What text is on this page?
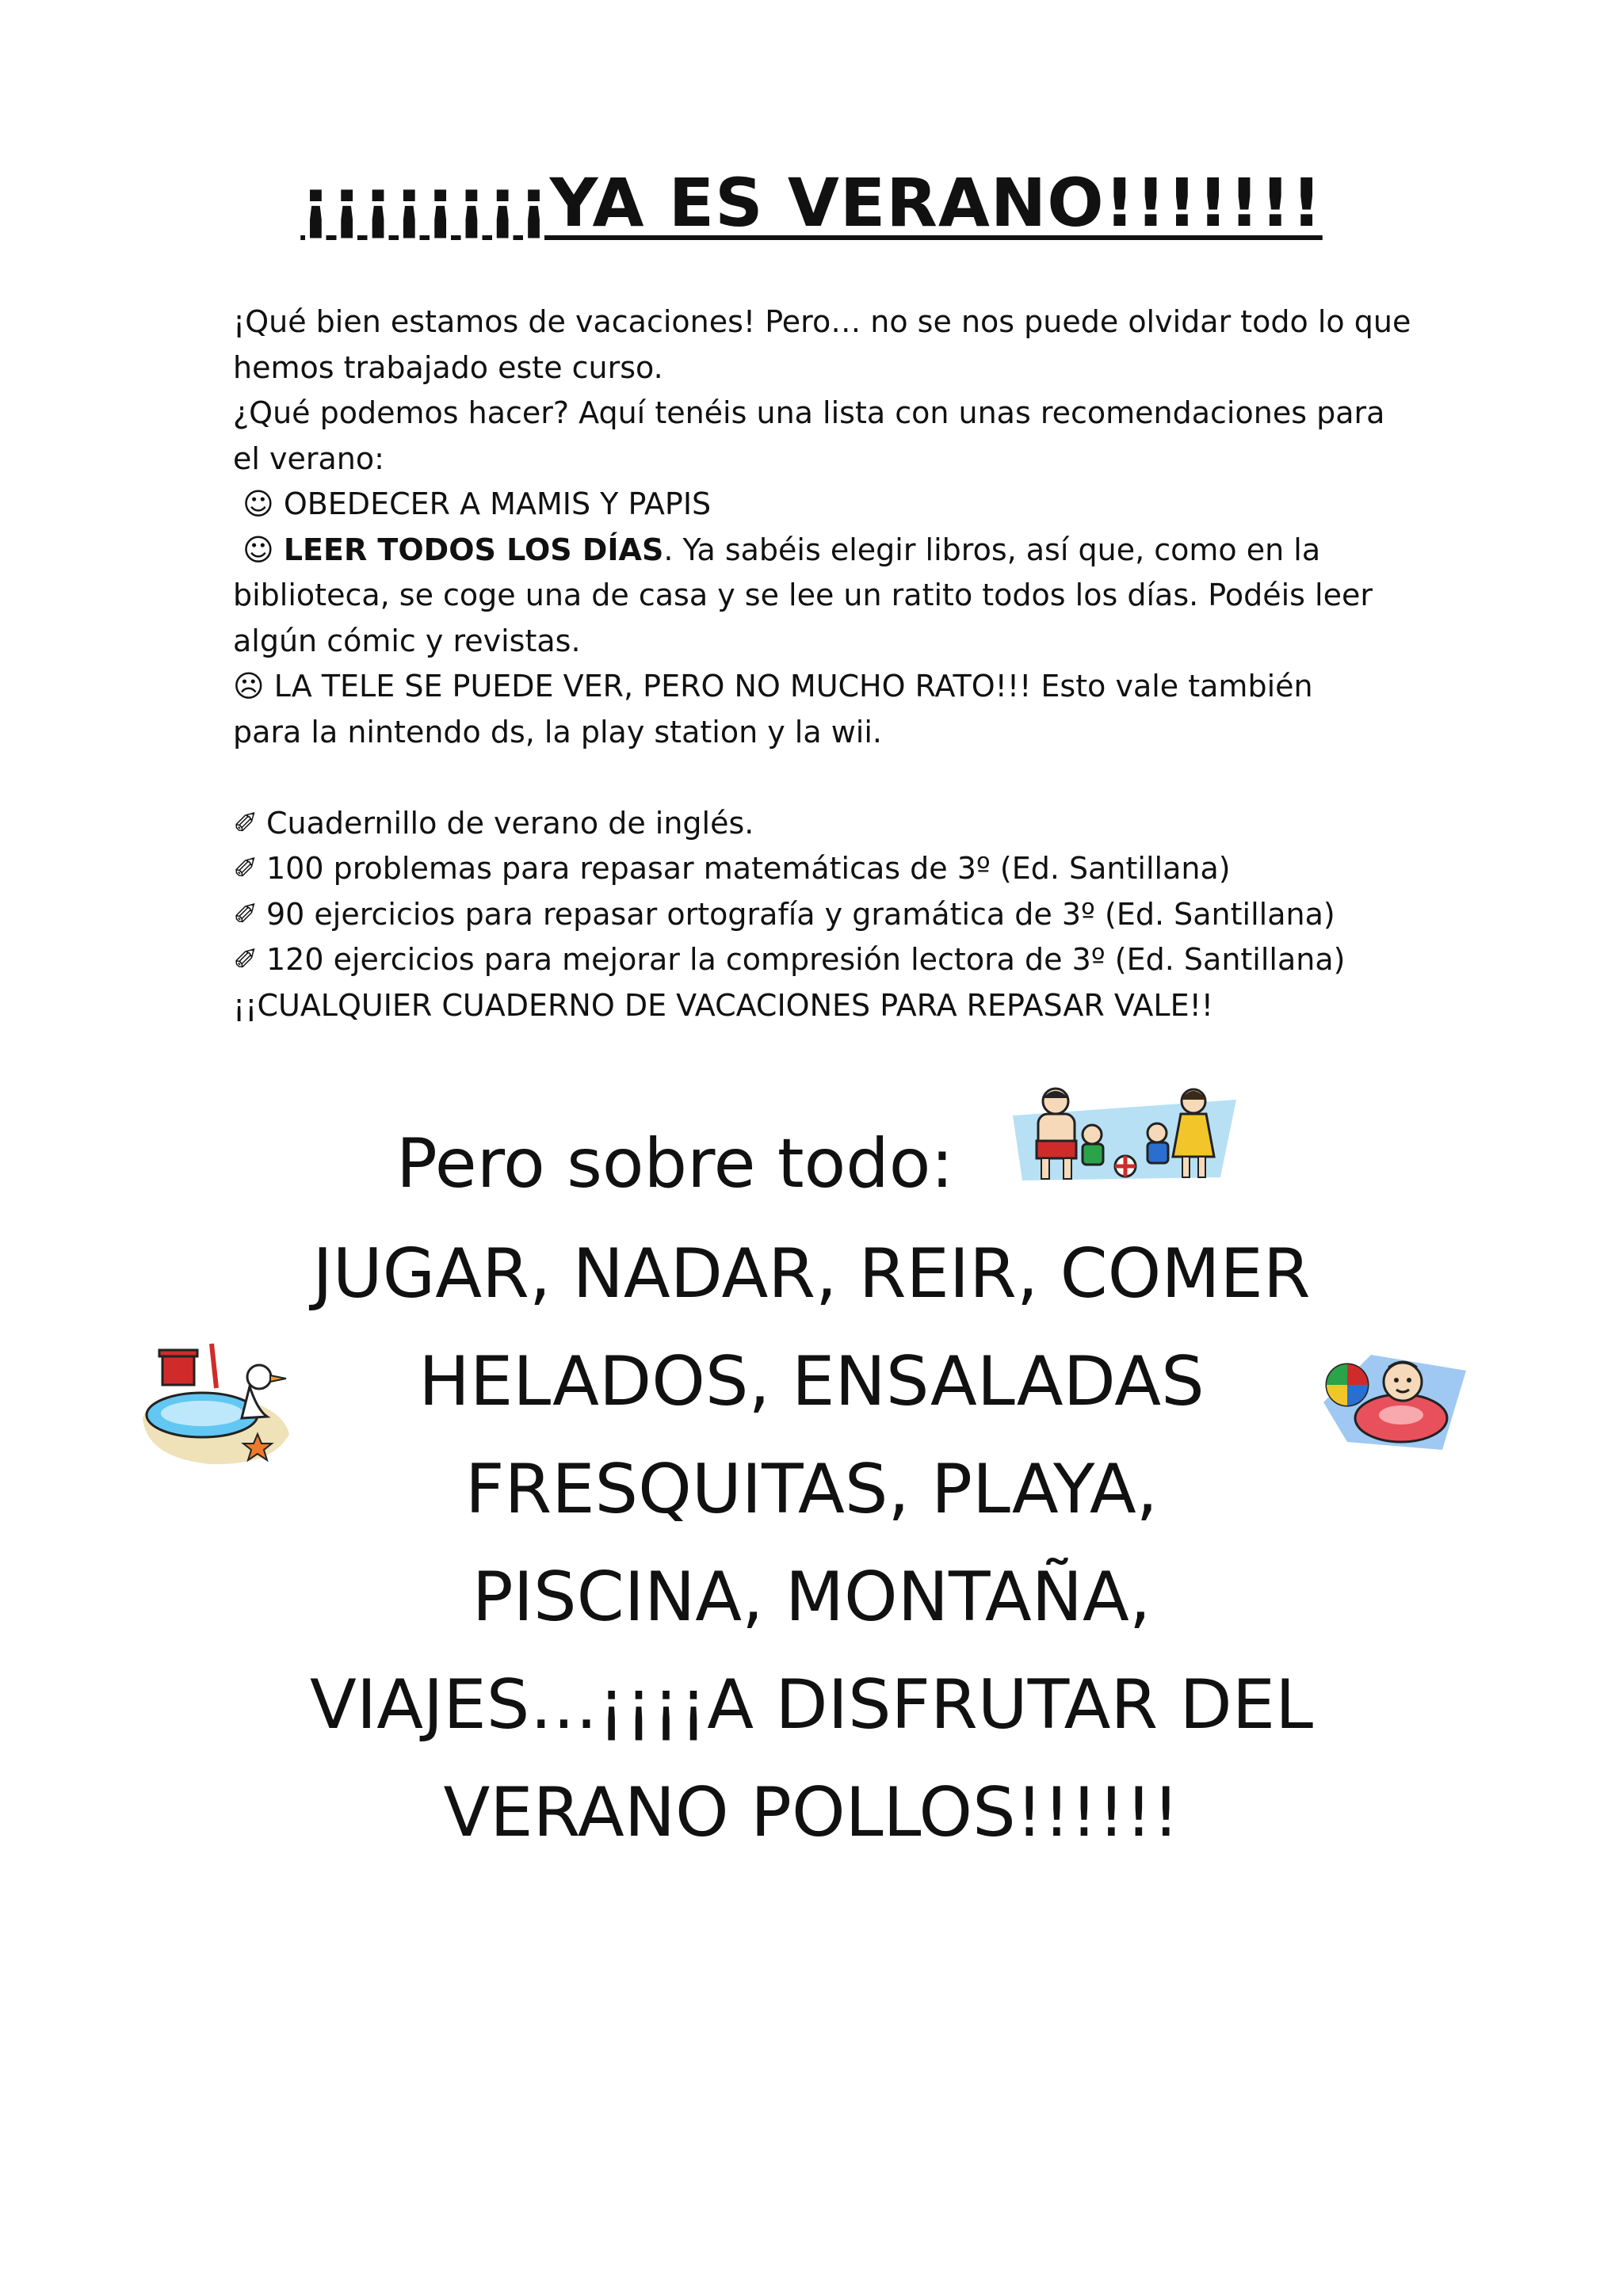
¡¡¡¡¡¡¡¡YA ES VERANO!!!!!!!
¡Qué bien estamos de vacaciones! Pero… no se nos puede olvidar todo lo que
hemos trabajado este curso.
¿Qué podemos hacer? Aquí tenéis una lista con unas recomendaciones para
el verano:
☺ OBEDECER A MAMIS Y PAPIS
☺ LEER TODOS LOS DÍAS. Ya sabéis elegir libros, así que, como en la
biblioteca, se coge una de casa y se lee un ratito todos los días. Podéis leer
algún cómic y revistas.
☹ LA TELE SE PUEDE VER, PERO NO MUCHO RATO!!! Esto vale también
para la nintendo ds, la play station y la wii.
✐ Cuadernillo de verano de inglés.
✐ 100 problemas para repasar matemáticas de 3º (Ed. Santillana)
✐ 90 ejercicios para repasar ortografía y gramática de 3º (Ed. Santillana)
✐ 120 ejercicios para mejorar la compresión lectora de 3º (Ed. Santillana)
¡¡CUALQUIER CUADERNO DE VACACIONES PARA REPASAR VALE!!
Pero sobre todo:
JUGAR, NADAR, REIR, COMER
HELADOS, ENSALADAS
FRESQUITAS, PLAYA,
PISCINA, MONTAÑA,
VIAJES…¡¡¡¡A DISFRUTAR DEL
VERANO POLLOS!!!!!!
